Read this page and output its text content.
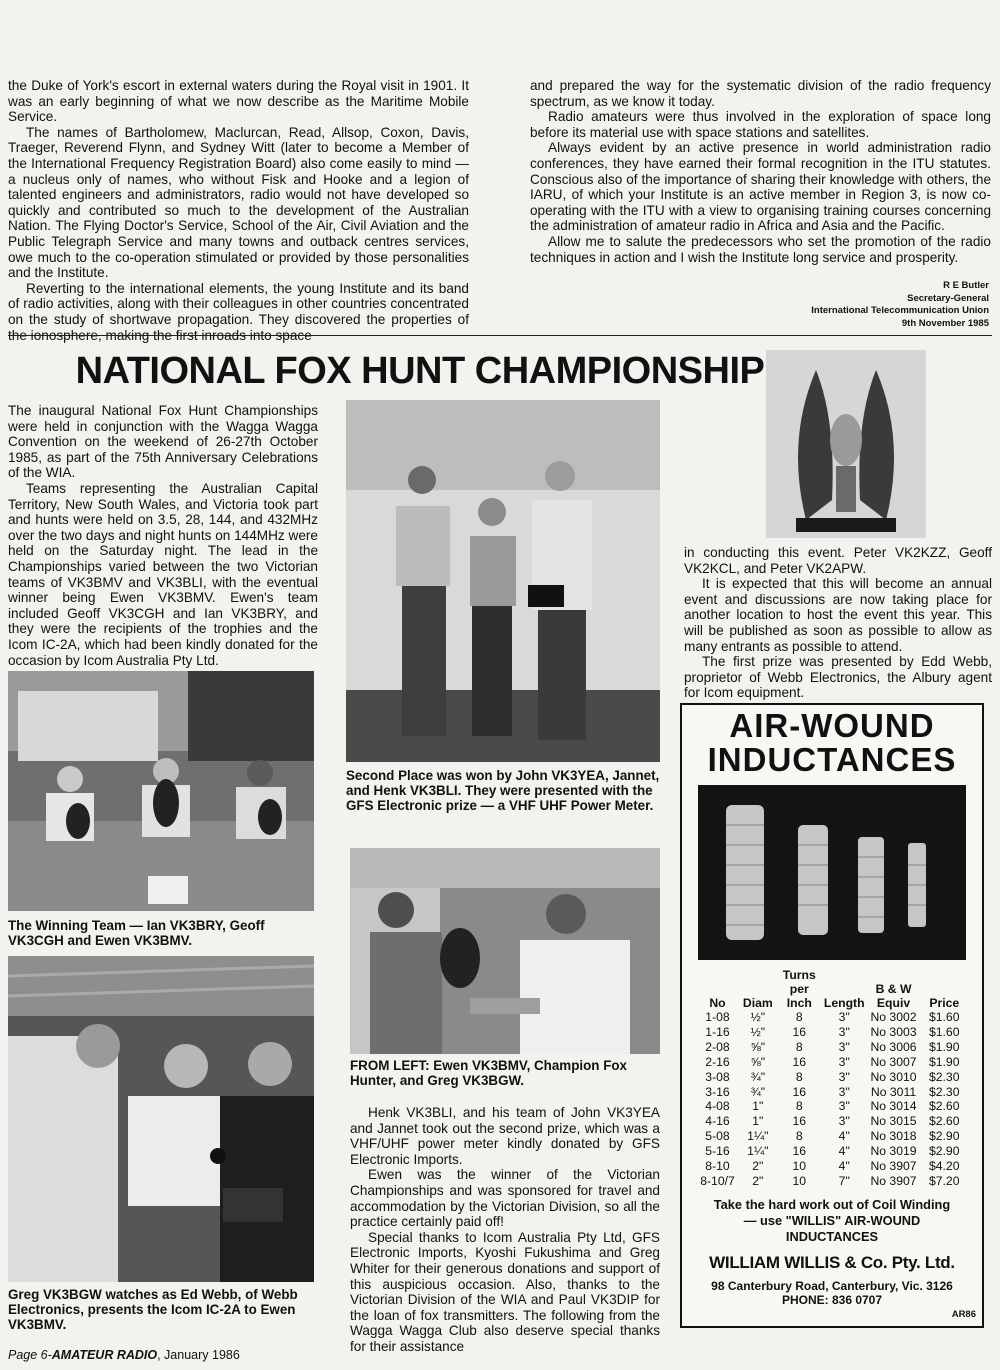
the Duke of York's escort in external waters during the Royal visit in 1901. It was an early beginning of what we now describe as the Maritime Mobile Service.

The names of Bartholomew, Maclurcan, Read, Allsop, Coxon, Davis, Traeger, Reverend Flynn, and Sydney Witt (later to become a Member of the International Frequency Registration Board) also come easily to mind — a nucleus only of names, who without Fisk and Hooke and a legion of talented engineers and administrators, radio would not have developed so quickly and contributed so much to the development of the Australian Nation. The Flying Doctor's Service, School of the Air, Civil Aviation and the Public Telegraph Service and many towns and outback centres services, owe much to the co-operation stimulated or provided by those personalities and the Institute.

Reverting to the international elements, the young Institute and its band of radio activities, along with their colleagues in other countries concentrated on the study of shortwave propagation. They discovered the properties of the ionosphere, making the first inroads into space

and prepared the way for the systematic division of the radio frequency spectrum, as we know it today.

Radio amateurs were thus involved in the exploration of space long before its material use with space stations and satellites.

Always evident by an active presence in world administration radio conferences, they have earned their formal recognition in the ITU statutes. Conscious also of the importance of sharing their knowledge with others, the IARU, of which your Institute is an active member in Region 3, is now co-operating with the ITU with a view to organising training courses concerning the administration of amateur radio in Africa and Asia and the Pacific.

Allow me to salute the predecessors who set the promotion of the radio techniques in action and I wish the Institute long service and prosperity.

R E Butler
Secretary-General
International Telecommunication Union
9th November 1985
NATIONAL FOX HUNT CHAMPIONSHIP

The inaugural National Fox Hunt Championships were held in conjunction with the Wagga Wagga Convention on the weekend of 26-27th October 1985, as part of the 75th Anniversary Celebrations of the WIA.

Teams representing the Australian Capital Territory, New South Wales, and Victoria took part and hunts were held on 3.5, 28, 144, and 432MHz over the two days and night hunts on 144MHz were held on the Saturday night. The lead in the Championships varied between the two Victorian teams of VK3BMV and VK3BLI, with the eventual winner being Ewen VK3BMV. Ewen's team included Geoff VK3CGH and Ian VK3BRY, and they were the recipients of the trophies and the Icom IC-2A, which had been kindly donated for the occasion by Icom Australia Pty Ltd.

The Winning Team — Ian VK3BRY, Geoff VK3CGH and Ewen VK3BMV.

Greg VK3BGW watches as Ed Webb, of Webb Electronics, presents the Icom IC-2A to Ewen VK3BMV.

Second Place was won by John VK3YEA, Jannet, and Henk VK3BLI. They were presented with the GFS Electronic prize — a VHF UHF Power Meter.

FROM LEFT: Ewen VK3BMV, Champion Fox Hunter, and Greg VK3BGW.

Henk VK3BLI, and his team of John VK3YEA and Jannet took out the second prize, which was a VHF/UHF power meter kindly donated by GFS Electronic Imports.

Ewen was the winner of the Victorian Championships and was sponsored for travel and accommodation by the Victorian Division, so all the practice certainly paid off!

Special thanks to Icom Australia Pty Ltd, GFS Electronic Imports, Kyoshi Fukushima and Greg Whiter for their generous donations and support of this auspicious occasion. Also, thanks to the Victorian Division of the WIA and Paul VK3DIP for the loan of fox transmitters. The following from the Wagga Wagga Club also deserve special thanks for their assistance

in conducting this event. Peter VK2KZZ, Geoff VK2KCL, and Peter VK2APW.

It is expected that this will become an annual event and discussions are now taking place for another location to host the event this year. This will be published as soon as possible to allow as many entrants as possible to attend.

The first prize was presented by Edd Webb, proprietor of Webb Electronics, the Albury agent for Icom equipment.

AIR-WOUND
INDUCTANCES
No	Diam	Turns per Inch	Length	B & W Equiv	Price
1-08	½"	8	3"	No 3002	$1.60
1-16	½"	16	3"	No 3003	$1.60
2-08	⅝"	8	3"	No 3006	$1.90
2-16	⅝"	16	3"	No 3007	$1.90
3-08	¾"	8	3"	No 3010	$2.30
3-16	¾"	16	3"	No 3011	$2.30
4-08	1"	8	3"	No 3014	$2.60
4-16	1"	16	3"	No 3015	$2.60
5-08	1¼"	8	4"	No 3018	$2.90
5-16	1¼"	16	4"	No 3019	$2.90
8-10	2"	10	4"	No 3907	$4.20
8-10/7	2"	10	7"	No 3907	$7.20
Take the hard work out of Coil Winding
— use "WILLIS" AIR-WOUND
INDUCTANCES
WILLIAM WILLIS & Co. Pty. Ltd.
98 Canterbury Road, Canterbury, Vic. 3126
PHONE: 836 0707
AR86
Page 6-AMATEUR RADIO, January 1986
